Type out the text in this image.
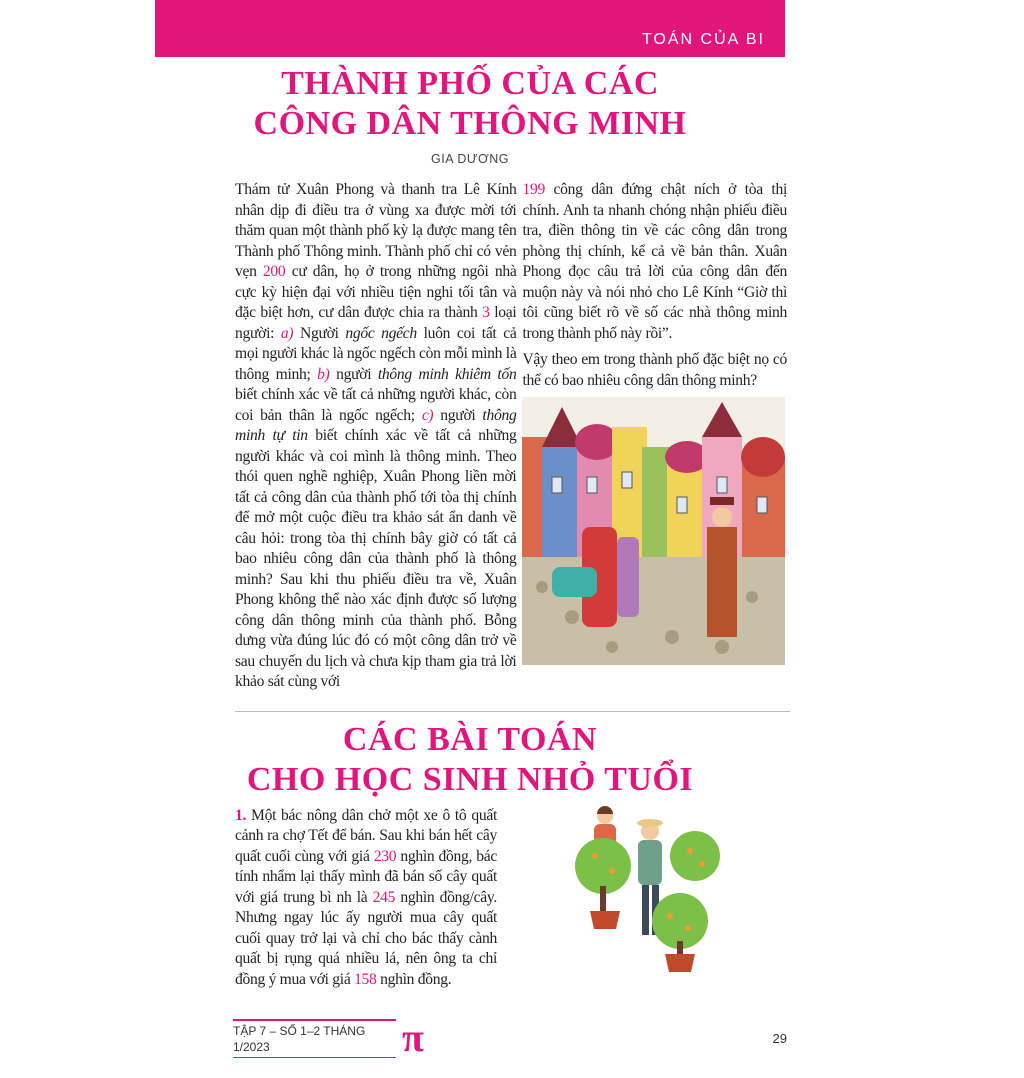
TOÁN CỦA BI
THÀNH PHỐ CỦA CÁC
CÔNG DÂN THÔNG MINH
GIA DƯƠNG

Thám tử Xuân Phong và thanh tra Lê Kính nhân dịp đi điều tra ở vùng xa được mời tới thăm quan một thành phố kỳ lạ được mang tên Thành phố Thông minh. Thành phố chỉ có vẻn vẹn 200 cư dân, họ ở trong những ngôi nhà cực kỳ hiện đại với nhiều tiện nghi tối tân và đặc biệt hơn, cư dân được chia ra thành 3 loại người: a) Người ngốc ngếch luôn coi tất cả mọi người khác là ngốc ngếch còn mỗi mình là thông minh; b) người thông minh khiêm tốn biết chính xác về tất cả những người khác, còn coi bản thân là ngốc ngếch; c) người thông minh tự tin biết chính xác về tất cả những người khác và coi mình là thông minh. Theo thói quen nghề nghiệp, Xuân Phong liền mời tất cả công dân của thành phố tới tòa thị chính để mở một cuộc điều tra khảo sát ẩn danh về câu hỏi: trong tòa thị chính bây giờ có tất cả bao nhiêu công dân của thành phố là thông minh? Sau khi thu phiếu điều tra về, Xuân Phong không thể nào xác định được số lượng công dân thông minh của thành phố. Bỗng dưng vừa đúng lúc đó có một công dân trở về sau chuyến du lịch và chưa kịp tham gia trả lời khảo sát cùng với

199 công dân đứng chật ních ở tòa thị chính. Anh ta nhanh chóng nhận phiếu điều tra, điền thông tin về các công dân trong phòng thị chính, kể cả về bản thân. Xuân Phong đọc câu trả lời của công dân đến muộn này và nói nhỏ cho Lê Kính “Giờ thì tôi cũng biết rõ về số các nhà thông minh trong thành phố này rồi”.

Vậy theo em trong thành phố đặc biệt nọ có thể có bao nhiêu công dân thông minh?

CÁC BÀI TOÁN
CHO HỌC SINH NHỎ TUỔI

1. Một bác nông dân chở một xe ô tô quất cảnh ra chợ Tết để bán. Sau khi bán hết cây quất cuối cùng với giá 230 nghìn đồng, bác tính nhẩm lại thấy mình đã bán số cây quất với giá trung bì nh là 245 nghìn đồng/cây. Nhưng ngay lúc ấy người mua cây quất cuối quay trở lại và chỉ cho bác thấy cành quất bị rụng quá nhiều lá, nên ông ta chỉ đồng ý mua với giá 158 nghìn đồng.

TẬP 7 – SỐ 1–2 THÁNG 1/2023	π	29
